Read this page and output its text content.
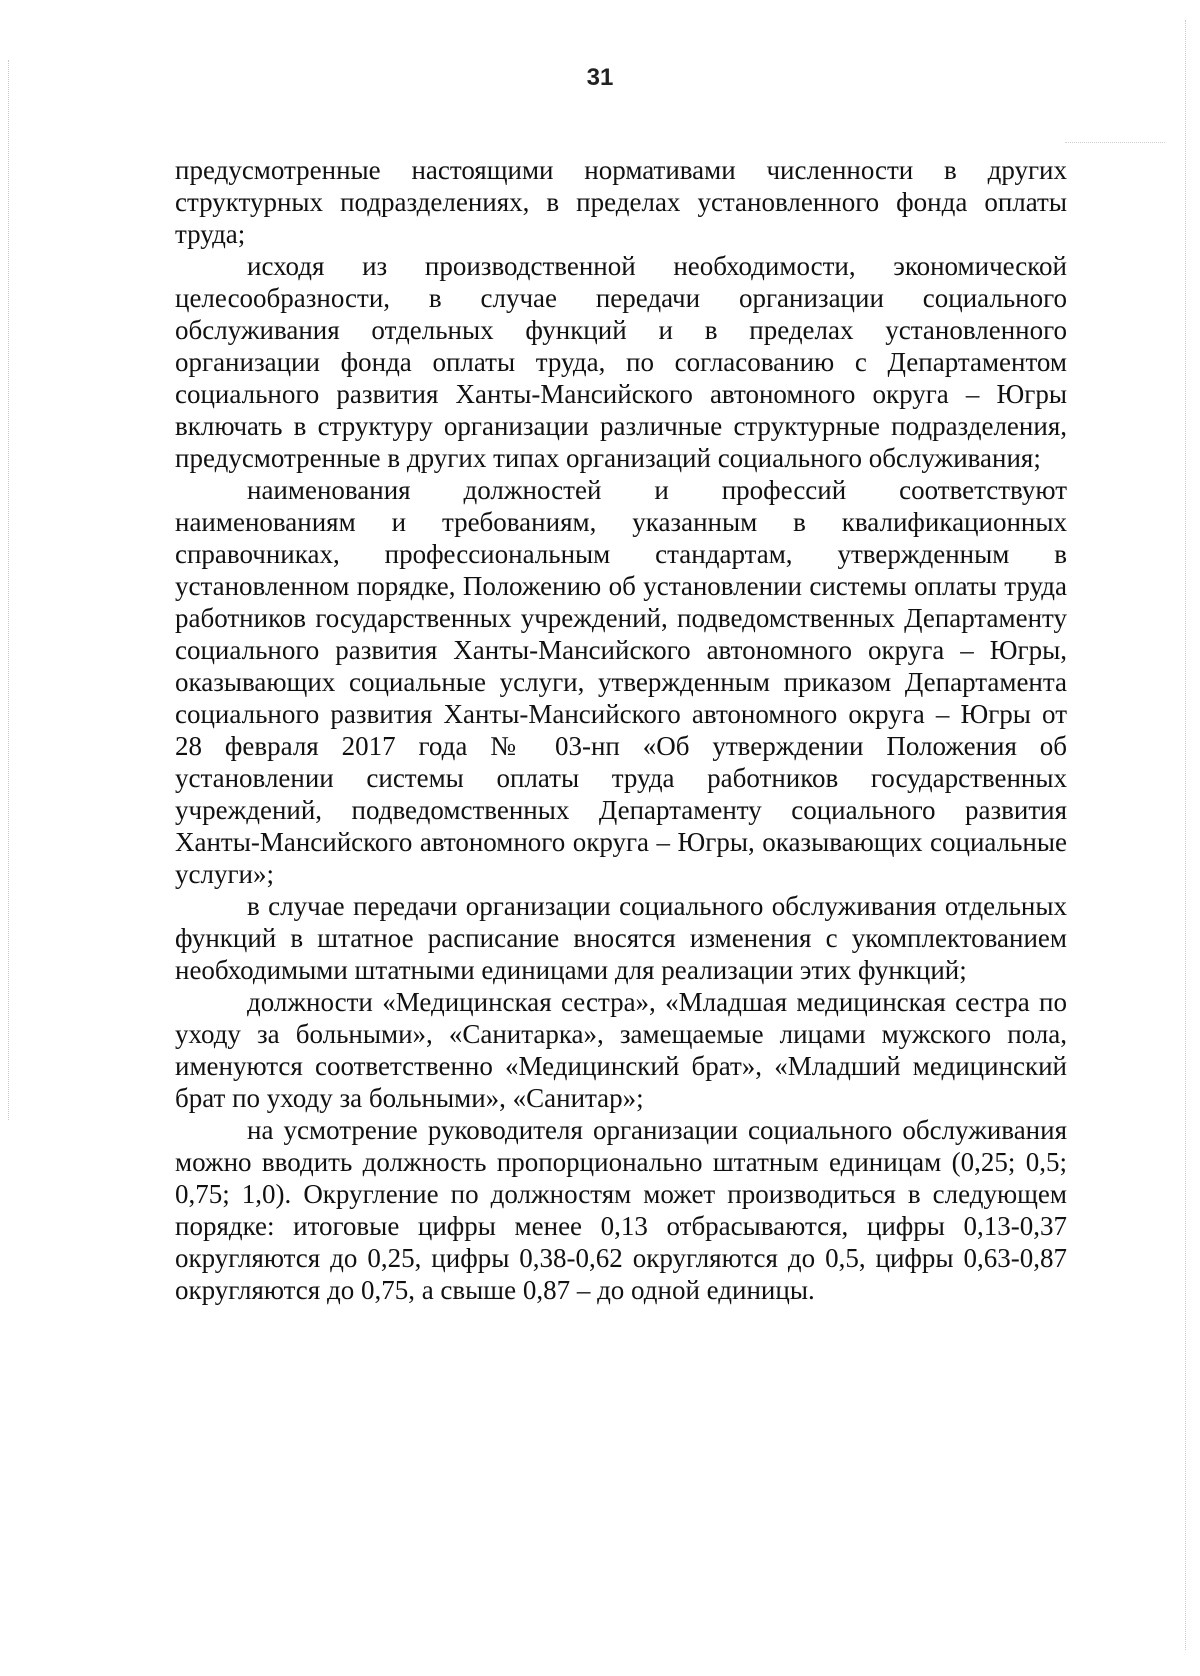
31

предусмотренные настоящими нормативами численности в других структурных подразделениях, в пределах установленного фонда оплаты труда;

исходя из производственной необходимости, экономической целесообразности, в случае передачи организации социального обслуживания отдельных функций и в пределах установленного организации фонда оплаты труда, по согласованию с Департаментом социального развития Ханты-Мансийского автономного округа – Югры включать в структуру организации различные структурные подразделения, предусмотренные в других типах организаций социального обслуживания;

наименования должностей и профессий соответствуют наименованиям и требованиям, указанным в квалификационных справочниках, профессиональным стандартам, утвержденным в установленном порядке, Положению об установлении системы оплаты труда работников государственных учреждений, подведомственных Департаменту социального развития Ханты-Мансийского автономного округа – Югры, оказывающих социальные услуги, утвержденным приказом Департамента социального развития Ханты-Мансийского автономного округа – Югры от 28 февраля 2017 года № 03-нп «Об утверждении Положения об установлении системы оплаты труда работников государственных учреждений, подведомственных Департаменту социального развития Ханты-Мансийского автономного округа – Югры, оказывающих социальные услуги»;

в случае передачи организации социального обслуживания отдельных функций в штатное расписание вносятся изменения с укомплектованием необходимыми штатными единицами для реализации этих функций;

должности «Медицинская сестра», «Младшая медицинская сестра по уходу за больными», «Санитарка», замещаемые лицами мужского пола, именуются соответственно «Медицинский брат», «Младший медицинский брат по уходу за больными», «Санитар»;

на усмотрение руководителя организации социального обслуживания можно вводить должность пропорционально штатным единицам (0,25; 0,5; 0,75; 1,0). Округление по должностям может производиться в следующем порядке: итоговые цифры менее 0,13 отбрасываются, цифры 0,13-0,37 округляются до 0,25, цифры 0,38-0,62 округляются до 0,5, цифры 0,63-0,87 округляются до 0,75, а свыше 0,87 – до одной единицы.
